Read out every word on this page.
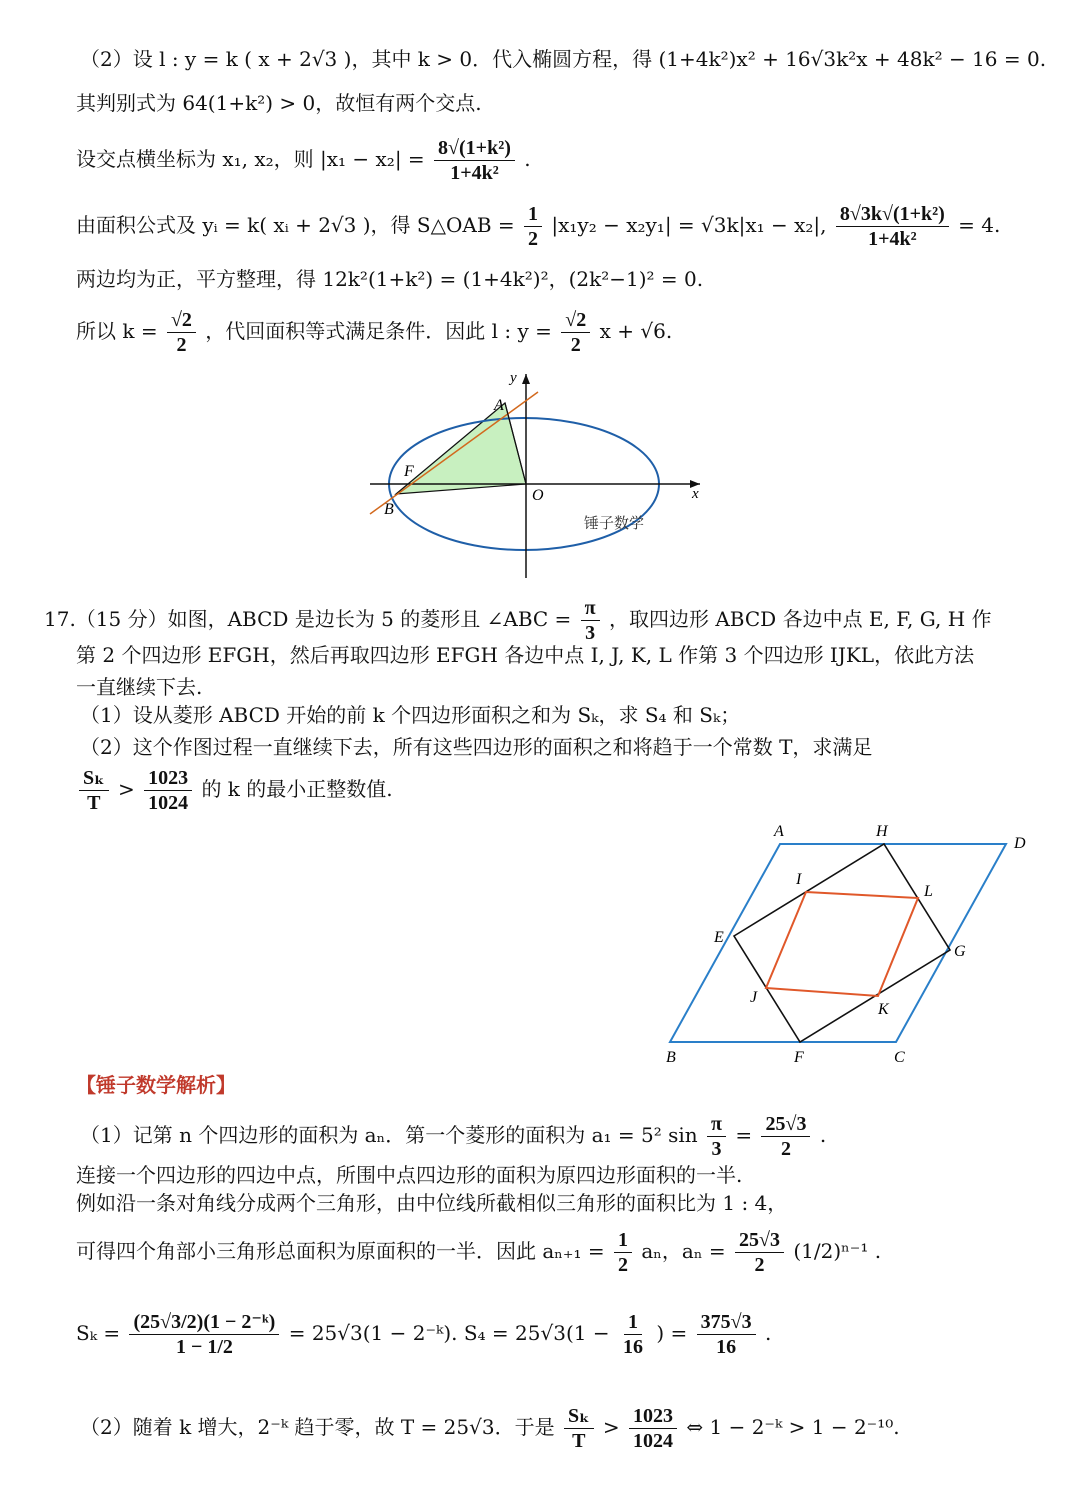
（2）设 l : y = k ( x + 2√3 )，其中 k > 0．代入椭圆方程，得 (1+4k²)x² + 16√3k²x + 48k² − 16 = 0.
其判别式为 64(1+k²) > 0，故恒有两个交点.
设交点横坐标为 x₁, x₂，则 $|x_1 - x_2| = \frac{\text{8√(1+k²)}}{\text{1+4k²}}$ .
由面积公式及 yᵢ = k( xᵢ + 2√3 )，得 S△OAB = $\frac{1}{2} |x_1y_2 - x_2y_1| = √3k|x_1 - x_2|$, $\frac{\text{8√3k√(1+k²)}}{\text{1+4k²}} = 4$.
两边均为正，平方整理，得 12k²(1+k²) = (1+4k²)²，(2k²−1)² = 0.
所以 $k = \frac{√2}{2}$ ，代回面积等式满足条件．因此 l : $y = \frac{√2}{2}$ x + √6.
y
x
A
F
O
B
锤子数学
17.（15 分）如图，ABCD 是边长为 5 的菱形且 ∠ABC = $\frac{\pi}{3}$ ，取四边形 ABCD 各边中点 E, F, G, H 作
第 2 个四边形 EFGH，然后再取四边形 EFGH 各边中点 I, J, K, L 作第 3 个四边形 IJKL，依此方法
一直继续下去.
（1）设从菱形 ABCD 开始的前 k 个四边形面积之和为 Sₖ，求 S₄ 和 Sₖ；
（2）这个作图过程一直继续下去，所有这些四边形的面积之和将趋于一个常数 T，求满足
$\frac{\text{Sₖ}}{T} > \frac{1023}{1024}$ 的 k 的最小正整数值.
A	H
D
I
L
E
G
J
K
B	F	C
【锤子数学解析】
（1）记第 n 个四边形的面积为 aₙ．第一个菱形的面积为 a₁ = 5² $\sin \frac{\pi}{3} = \frac{25√3}{2}$ .
连接一个四边形的四边中点，所围中点四边形的面积为原四边形面积的一半.
例如沿一条对角线分成两个三角形，由中位线所截相似三角形的面积比为 1 : 4，
可得四个角部小三角形总面积为原面积的一半．因此 $a_{n+1} = \frac{1}{2}$ aₙ，$a_n = \frac{25√3}{2} (1/2)^{n-1}$ .
$S_k = \frac{\text{(25√3/2)(1 − 2⁻ᵏ)}}{1 - 1/2} = 25√3(1$ − 2⁻ᵏ). $S_4 = 25√3(1 - \frac{1}{16}$ ) = $\frac{375√3}{16}$ .
（2）随着 k 增大，2⁻ᵏ 趋于零，故 T = 25√3．于是 $\frac{\text{Sₖ}}{T} > \frac{1023}{1024}$ ⇔ 1 − 2⁻ᵏ > 1 − 2⁻¹⁰.
